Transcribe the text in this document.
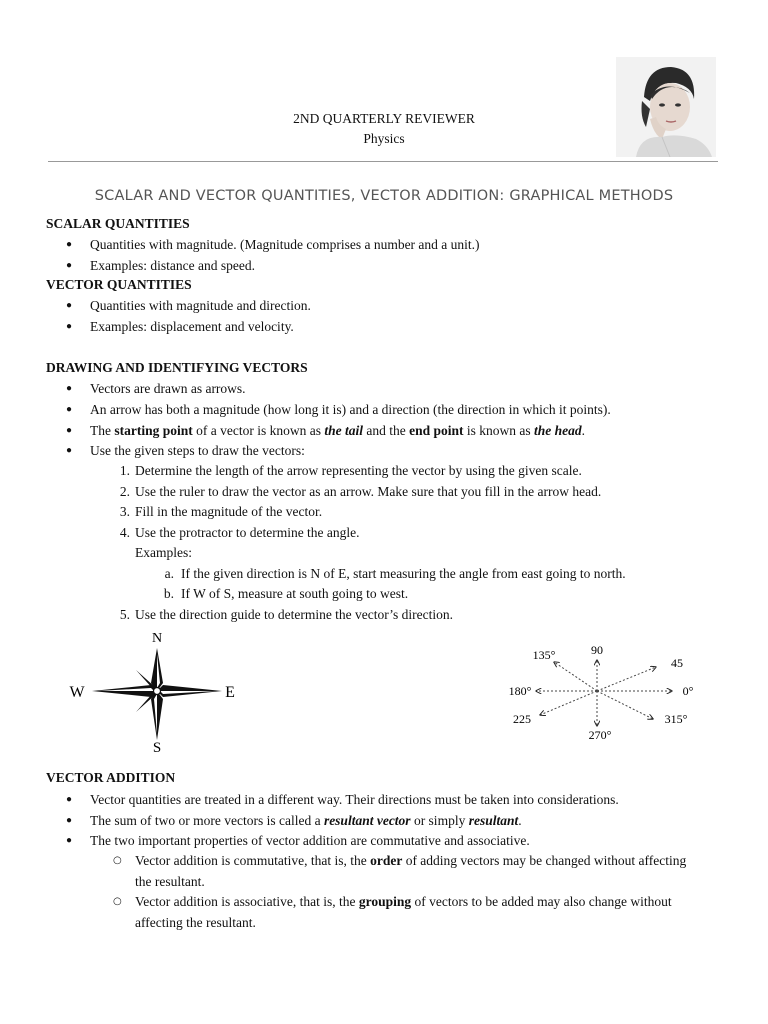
2ND QUARTERLY REVIEWER
Physics
SCALAR AND VECTOR QUANTITIES, VECTOR ADDITION: GRAPHICAL METHODS
SCALAR QUANTITIES
● Quantities with magnitude. (Magnitude comprises a number and a unit.)
● Examples: distance and speed.
VECTOR QUANTITIES
● Quantities with magnitude and direction.
● Examples: displacement and velocity.
DRAWING AND IDENTIFYING VECTORS
● Vectors are drawn as arrows.
● An arrow has both a magnitude (how long it is) and a direction (the direction in which it points).
● The starting point of a vector is known as the tail and the end point is known as the head.
● Use the given steps to draw the vectors:
1. Determine the length of the arrow representing the vector by using the given scale.
2. Use the ruler to draw the vector as an arrow. Make sure that you fill in the arrow head.
3. Fill in the magnitude of the vector.
4. Use the protractor to determine the angle.
Examples:
a. If the given direction is N of E, start measuring the angle from east going to north.
b. If W of S, measure at south going to west.
5. Use the direction guide to determine the vector’s direction.
N
E
S
W
90
135°
45
0°
180°
225	315°
270°
VECTOR ADDITION
● Vector quantities are treated in a different way. Their directions must be taken into considerations.
● The sum of two or more vectors is called a resultant vector or simply resultant.
● The two important properties of vector addition are commutative and associative.
○ Vector addition is commutative, that is, the order of adding vectors may be changed without affecting the resultant.
○ Vector addition is associative, that is, the grouping of vectors to be added may also change without affecting the resultant.
